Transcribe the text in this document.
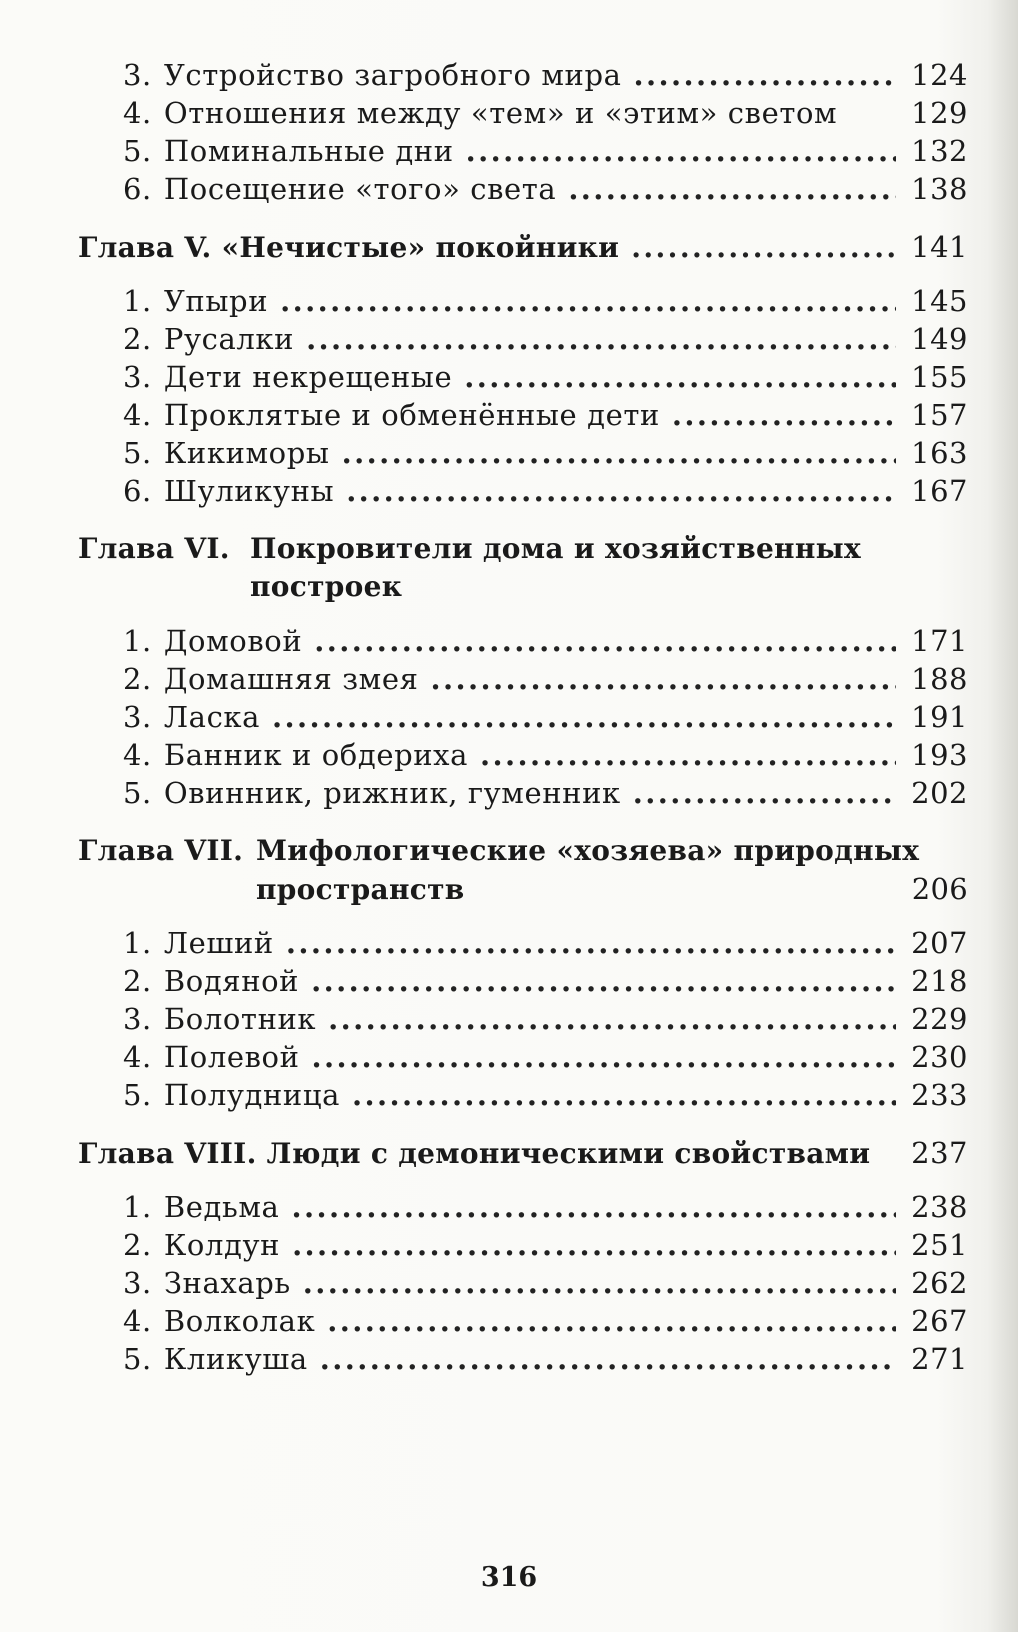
3. Устройство загробного мира .....	124
4. Отношения между «тем» и «этим» светом	129
5. Поминальные дни .....	132
6. Посещение «того» света .....	138
Глава V. «Нечистые» покойники .....	141
1. Упыри .....	145
2. Русалки .....	149
3. Дети некрещеные .....	155
4. Проклятые и обменённые дети .....	157
5. Кикиморы .....	163
6. Шуликуны .....	167
Глава VI. Покровители дома и хозяйственных
построек
1. Домовой .....	171
2. Домашняя змея .....	188
3. Ласка .....	191
4. Банник и обдериха .....	193
5. Овинник, рижник, гуменник .....	202
Глава VII. Мифологические «хозяева» природных
пространств	206
1. Леший .....	207
2. Водяной .....	218
3. Болотник .....	229
4. Полевой .....	230
5. Полудница .....	233
Глава VIII. Люди с демоническими свойствами 237
1. Ведьма .....	238
2. Колдун .....	251
3. Знахарь .....	262
4. Волколак .....	267
5. Кликуша .....	271
316
